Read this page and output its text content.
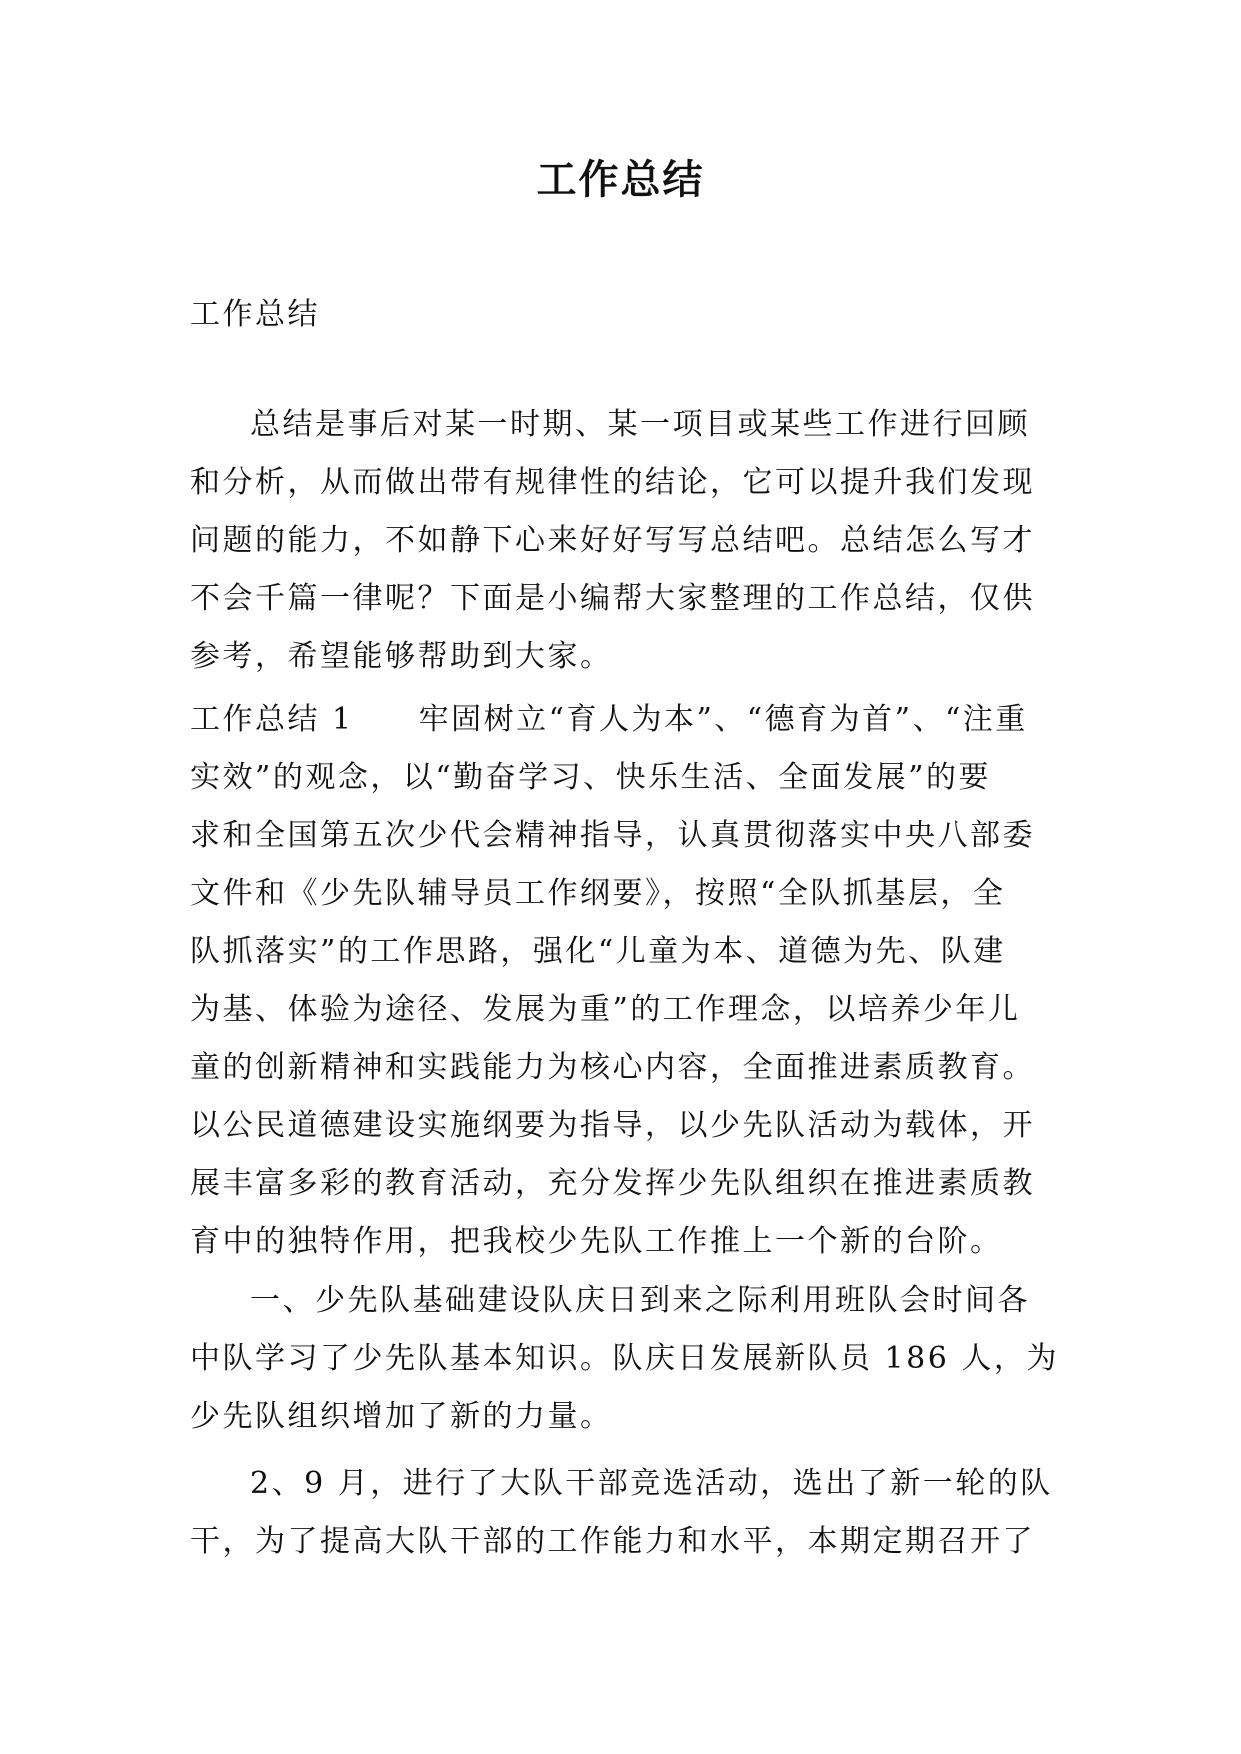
工作总结
工作总结
总结是事后对某一时期、某一项目或某些工作进行回顾
和分析，从而做出带有规律性的结论，它可以提升我们发现
问题的能力，不如静下心来好好写写总结吧。总结怎么写才
不会千篇一律呢？下面是小编帮大家整理的工作总结，仅供
参考，希望能够帮助到大家。
工作总结 1　　牢固树立“育人为本”、“德育为首”、“注重
实效”的观念，以“勤奋学习、快乐生活、全面发展”的要
求和全国第五次少代会精神指导，认真贯彻落实中央八部委
文件和《少先队辅导员工作纲要》，按照“全队抓基层，全
队抓落实”的工作思路，强化“儿童为本、道德为先、队建
为基、体验为途径、发展为重”的工作理念，以培养少年儿
童的创新精神和实践能力为核心内容，全面推进素质教育。
以公民道德建设实施纲要为指导，以少先队活动为载体，开
展丰富多彩的教育活动，充分发挥少先队组织在推进素质教
育中的独特作用，把我校少先队工作推上一个新的台阶。
一、少先队基础建设队庆日到来之际利用班队会时间各
中队学习了少先队基本知识。队庆日发展新队员 186 人，为
少先队组织增加了新的力量。
2、9 月，进行了大队干部竞选活动，选出了新一轮的队
干，为了提高大队干部的工作能力和水平，本期定期召开了
